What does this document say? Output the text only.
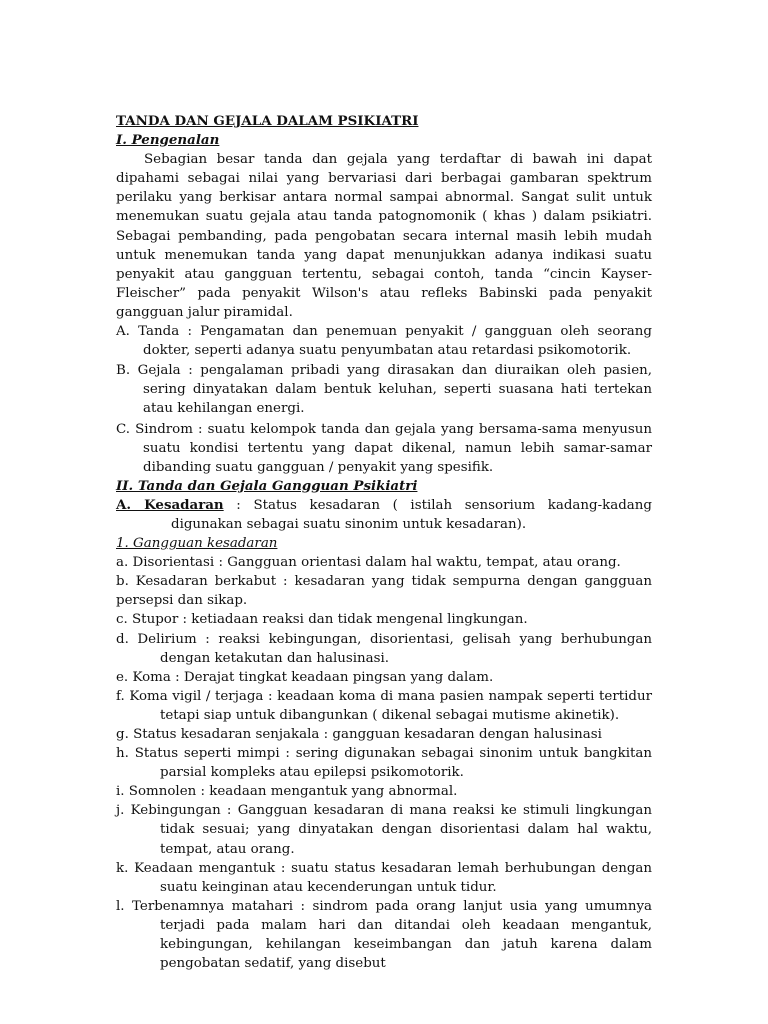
TANDA DAN GEJALA DALAM PSIKIATRI

I. Pengenalan

Sebagian besar tanda dan gejala yang terdaftar di bawah ini dapat dipahami sebagai nilai yang bervariasi dari berbagai gambaran spektrum perilaku yang berkisar antara normal sampai abnormal. Sangat sulit untuk menemukan suatu gejala atau tanda patognomonik ( khas ) dalam psikiatri. Sebagai pembanding, pada pengobatan secara internal masih lebih mudah untuk menemukan tanda yang dapat menunjukkan adanya indikasi suatu penyakit atau gangguan tertentu, sebagai contoh, tanda “cincin Kayser-Fleischer” pada penyakit Wilson's atau refleks Babinski pada penyakit gangguan jalur piramidal.

A. Tanda : Pengamatan dan penemuan penyakit / gangguan oleh seorang dokter, seperti adanya suatu penyumbatan atau retardasi psikomotorik.

B. Gejala : pengalaman pribadi yang dirasakan dan diuraikan oleh pasien, sering dinyatakan dalam bentuk keluhan, seperti suasana hati tertekan atau kehilangan energi.

C. Sindrom : suatu kelompok tanda dan gejala yang bersama-sama menyusun suatu kondisi tertentu yang dapat dikenal, namun lebih samar-samar dibanding suatu gangguan / penyakit yang spesifik.

II. Tanda dan Gejala Gangguan Psikiatri

A. Kesadaran : Status kesadaran ( istilah sensorium kadang-kadang digunakan sebagai suatu sinonim untuk kesadaran).

1. Gangguan kesadaran

a. Disorientasi : Gangguan orientasi dalam hal waktu, tempat, atau orang.

b. Kesadaran berkabut : kesadaran yang tidak sempurna dengan gangguan persepsi dan sikap.

c. Stupor : ketiadaan reaksi dan tidak mengenal lingkungan.

d. Delirium : reaksi kebingungan, disorientasi, gelisah yang berhubungan dengan ketakutan dan halusinasi.

e. Koma : Derajat tingkat keadaan pingsan yang dalam.

f. Koma vigil / terjaga : keadaan koma di mana pasien nampak seperti tertidur tetapi siap untuk dibangunkan ( dikenal sebagai mutisme akinetik).

g. Status kesadaran senjakala : gangguan kesadaran dengan halusinasi

h. Status seperti mimpi : sering digunakan sebagai sinonim untuk bangkitan parsial kompleks atau epilepsi psikomotorik.

i. Somnolen : keadaan mengantuk yang abnormal.

j. Kebingungan : Gangguan kesadaran di mana reaksi ke stimuli lingkungan tidak sesuai; yang dinyatakan dengan disorientasi dalam hal waktu, tempat, atau orang.

k. Keadaan mengantuk : suatu status kesadaran lemah berhubungan dengan suatu keinginan atau kecenderungan untuk tidur.

l. Terbenamnya matahari : sindrom pada orang lanjut usia yang umumnya terjadi pada malam hari dan ditandai oleh keadaan mengantuk, kebingungan, kehilangan keseimbangan dan jatuh karena dalam pengobatan sedatif, yang disebut
